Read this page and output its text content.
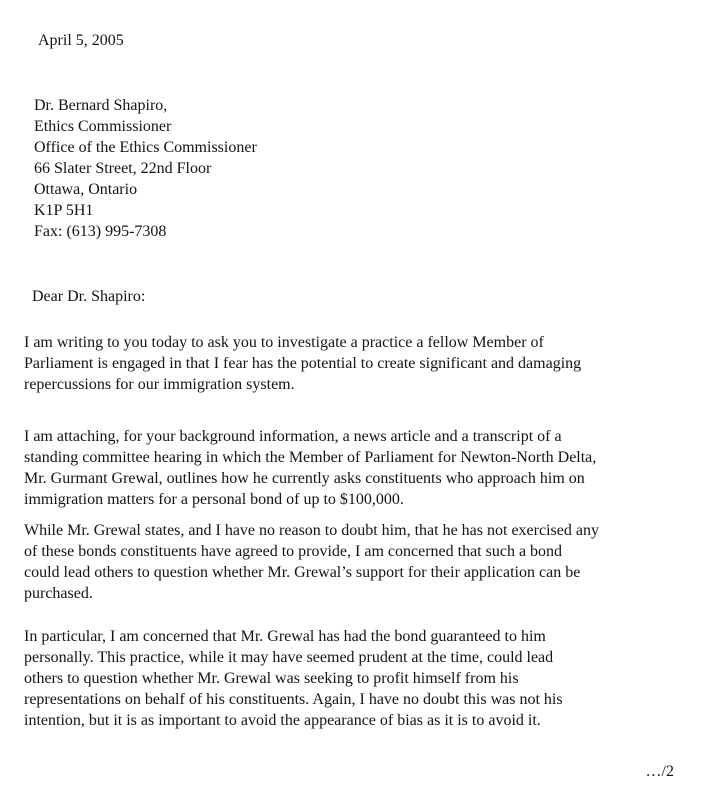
April 5, 2005

Dr. Bernard Shapiro,
Ethics Commissioner
Office of the Ethics Commissioner
66 Slater Street, 22nd Floor
Ottawa, Ontario
K1P 5H1
Fax: (613) 995-7308

Dear Dr. Shapiro:

I am writing to you today to ask you to investigate a practice a fellow Member of
Parliament is engaged in that I fear has the potential to create significant and damaging
repercussions for our immigration system.
I am attaching, for your background information, a news article and a transcript of a
standing committee hearing in which the Member of Parliament for Newton-North Delta,
Mr. Gurmant Grewal, outlines how he currently asks constituents who approach him on
immigration matters for a personal bond of up to $100,000.
While Mr. Grewal states, and I have no reason to doubt him, that he has not exercised any
of these bonds constituents have agreed to provide, I am concerned that such a bond
could lead others to question whether Mr. Grewal’s support for their application can be
purchased.
In particular, I am concerned that Mr. Grewal has had the bond guaranteed to him
personally. This practice, while it may have seemed prudent at the time, could lead
others to question whether Mr. Grewal was seeking to profit himself from his
representations on behalf of his constituents. Again, I have no doubt this was not his
intention, but it is as important to avoid the appearance of bias as it is to avoid it.

…/2
